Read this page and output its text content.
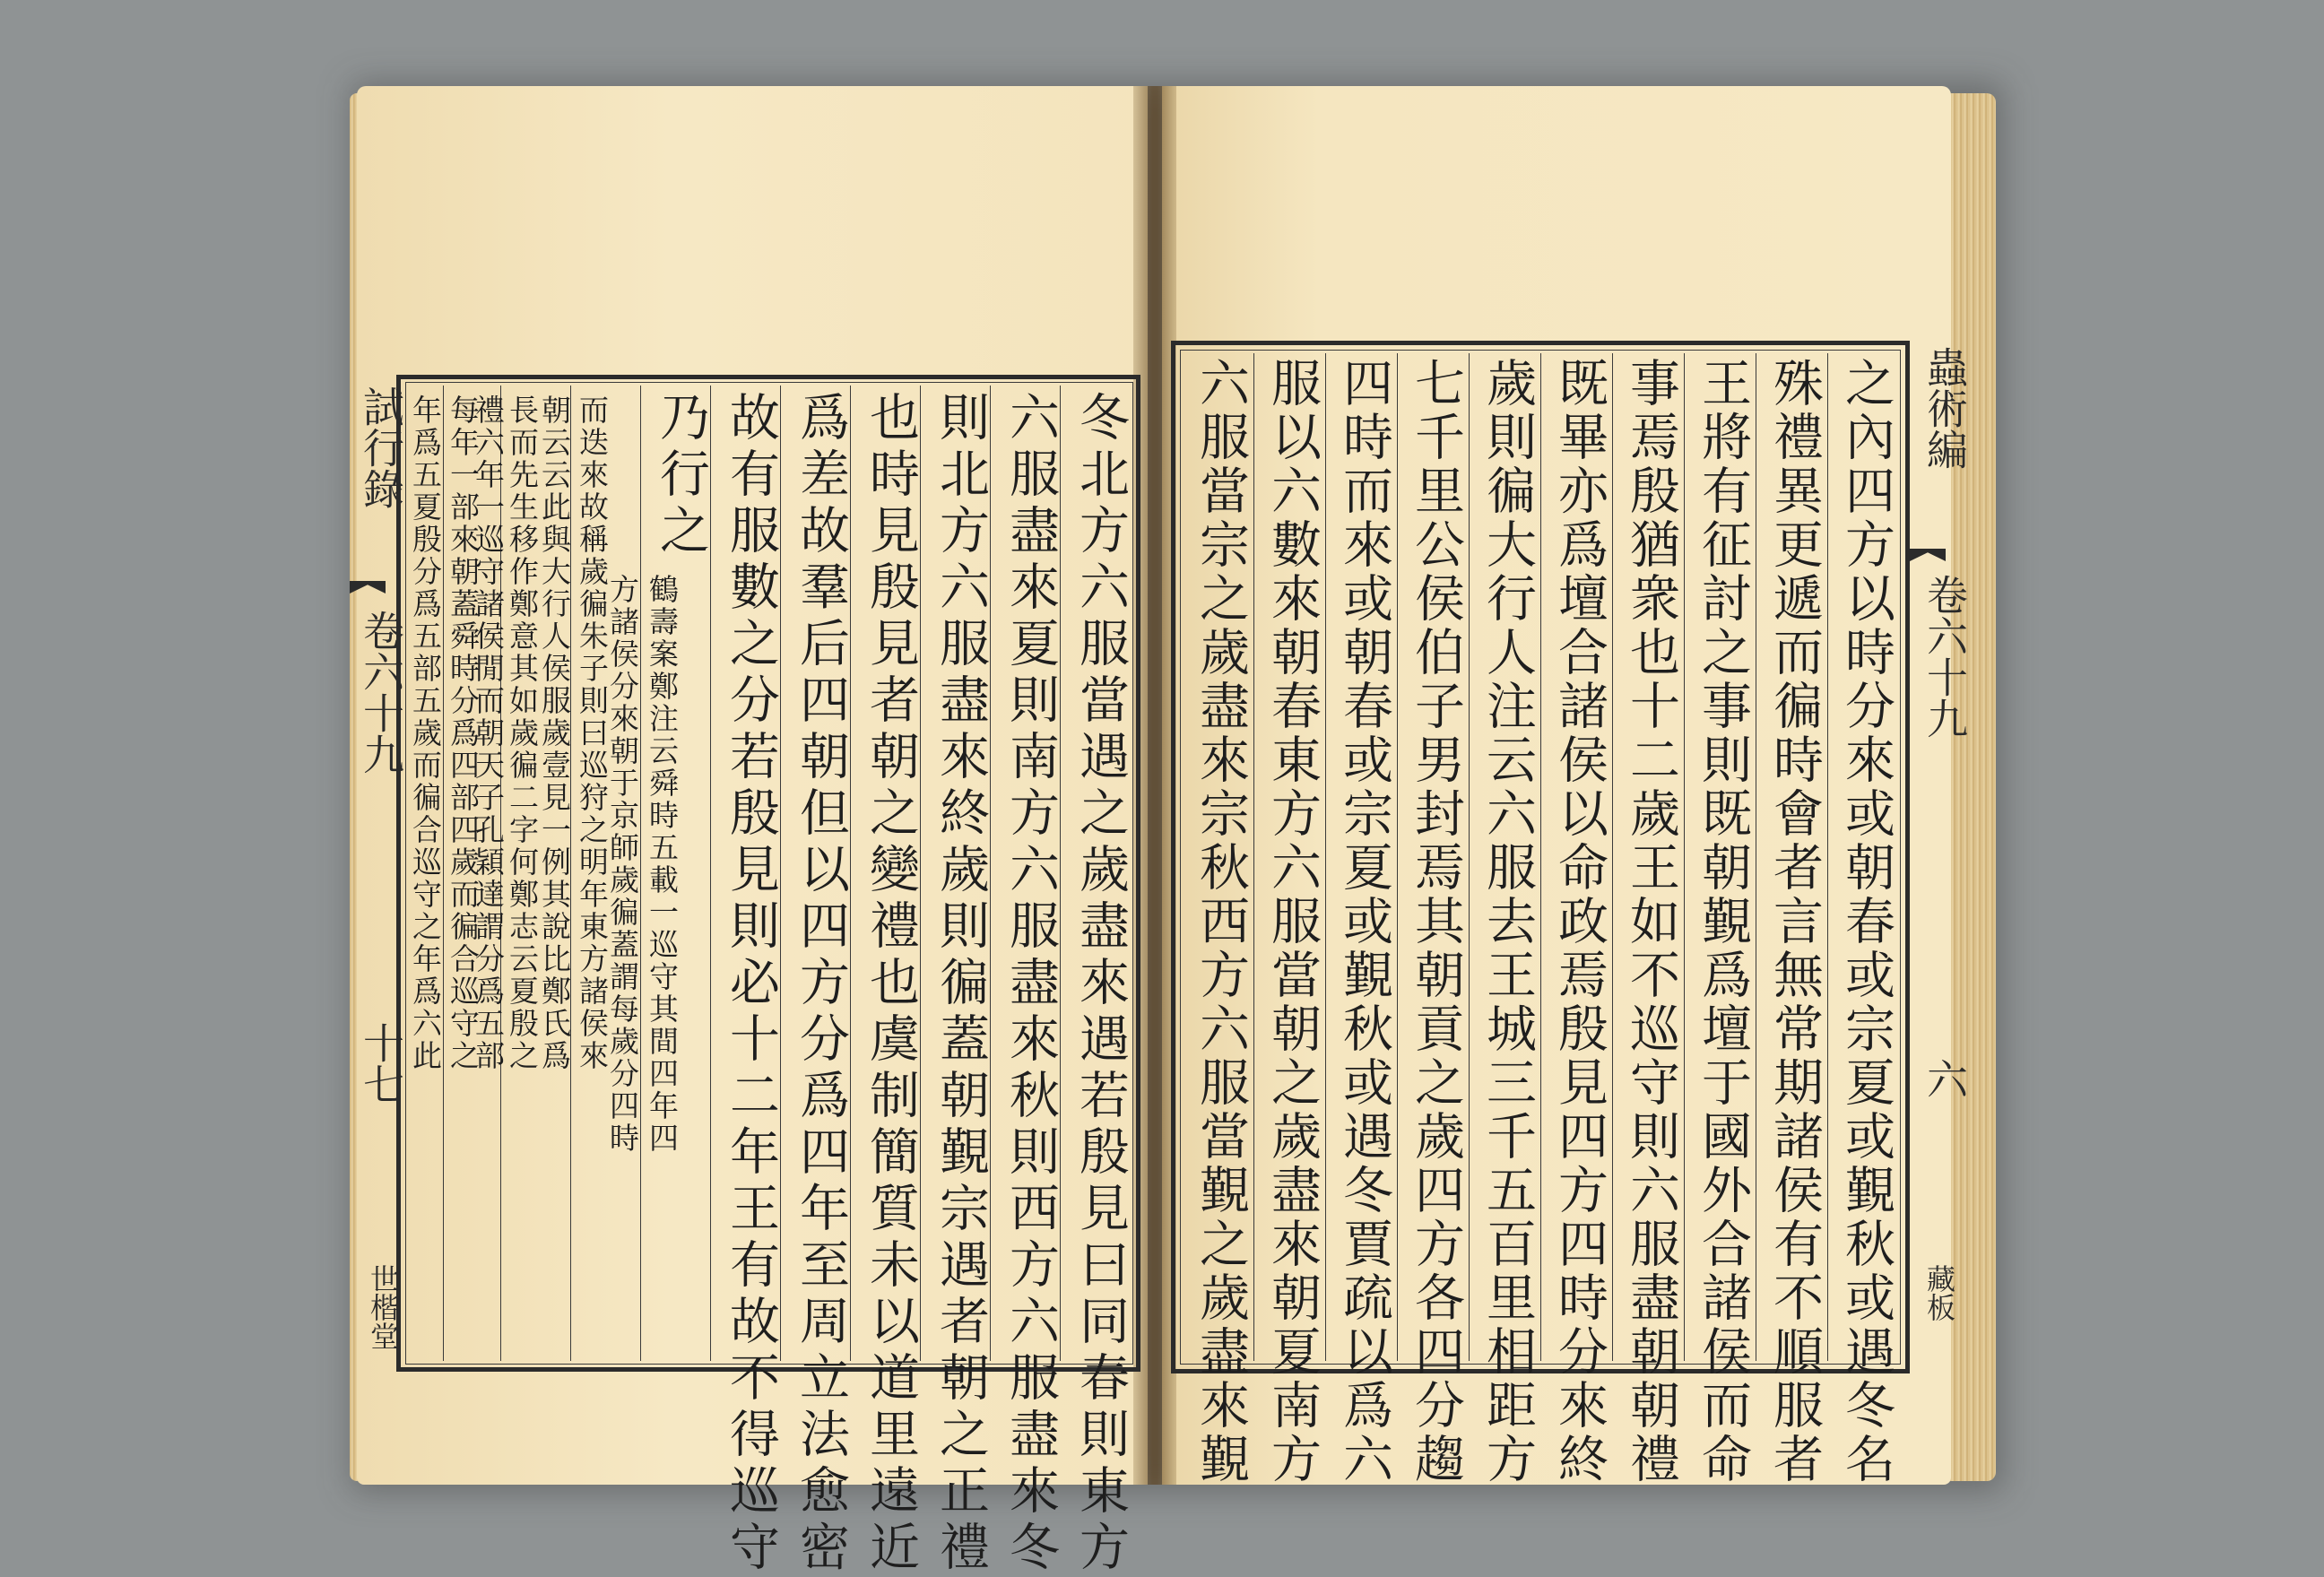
冬北方六服當遇之歲盡來遇若殷見曰同春則東方
六服盡來夏則南方六服盡來秋則西方六服盡來冬
則北方六服盡來終歲則徧蓋朝覲宗遇者朝之正禮
也時見殷見者朝之變禮也虞制簡質未以道里遠近
爲差故羣后四朝但以四方分爲四年至周立法愈密
故有服數之分若殷見則必十二年王有故不得巡守
乃行之
鶴壽案鄭注云舜時五載一巡守其間四年四
方諸侯分來朝于京師歲徧蓋謂每歲分四時
而迭來故稱歲徧朱子則曰巡狩之明年東方諸侯來
朝云云此與大行人侯服歲壹見一例其說比鄭氏爲
長而先生移作鄭意其如歲徧二字何鄭志云夏殷之
禮六年一巡守諸侯閒而朝天子孔穎達謂分爲五部
每年一部來朝蓋舜時分爲四部四歲而徧合巡守之
年爲五夏殷分爲五部五歲而徧合巡守之年爲六此
試行錄
卷六十九
十七
世楷堂	之內四方以時分來或朝春或宗夏或覲秋或遇冬名
殊禮異更遞而徧時會者言無常期諸侯有不順服者
王將有征討之事則既朝覲爲壇于國外合諸侯而命
事焉殷猶衆也十二歲王如不巡守則六服盡朝朝禮
既畢亦爲壇合諸侯以命政焉殷見四方四時分來終
歲則徧大行人注云六服去王城三千五百里相距方
七千里公侯伯子男封焉其朝貢之歲四方各四分趨
四時而來或朝春或宗夏或覲秋或遇冬賈疏以爲六
服以六數來朝春東方六服當朝之歲盡來朝夏南方
六服當宗之歲盡來宗秋西方六服當覲之歲盡來覲	蟲術編
卷六十九
六
藏板
